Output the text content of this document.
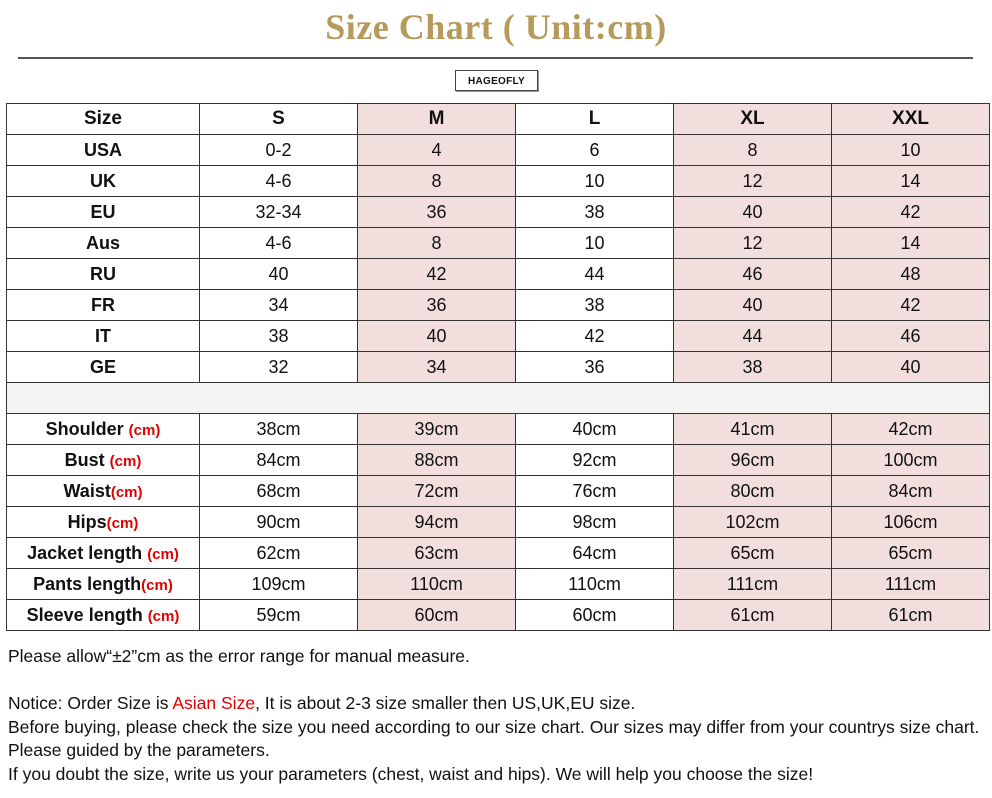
Size Chart ( Unit:cm)
HAGEOFLY
Size	S	M	L	XL	XXL
USA	0-2	4	6	8	10
UK	4-6	8	10	12	14
EU	32-34	36	38	40	42
Aus	4-6	8	10	12	14
RU	40	42	44	46	48
FR	34	36	38	40	42
IT	38	40	42	44	46
GE	32	34	36	38	40

Shoulder (cm)	38cm	39cm	40cm	41cm	42cm
Bust (cm)	84cm	88cm	92cm	96cm	100cm
Waist(cm)	68cm	72cm	76cm	80cm	84cm
Hips(cm)	90cm	94cm	98cm	102cm	106cm
Jacket length (cm)	62cm	63cm	64cm	65cm	65cm
Pants length(cm)	109cm	110cm	110cm	111cm	111cm
Sleeve length (cm)	59cm	60cm	60cm	61cm	61cm

Please allow“±2”cm as the error range for manual measure.

Notice: Order Size is Asian Size, It is about 2-3 size smaller then US,UK,EU size.

Before buying, please check the size you need according to our size chart. Our sizes may differ from your countrys size chart. Please guided by the parameters.

If you doubt the size, write us your parameters (chest, waist and hips). We will help you choose the size!
